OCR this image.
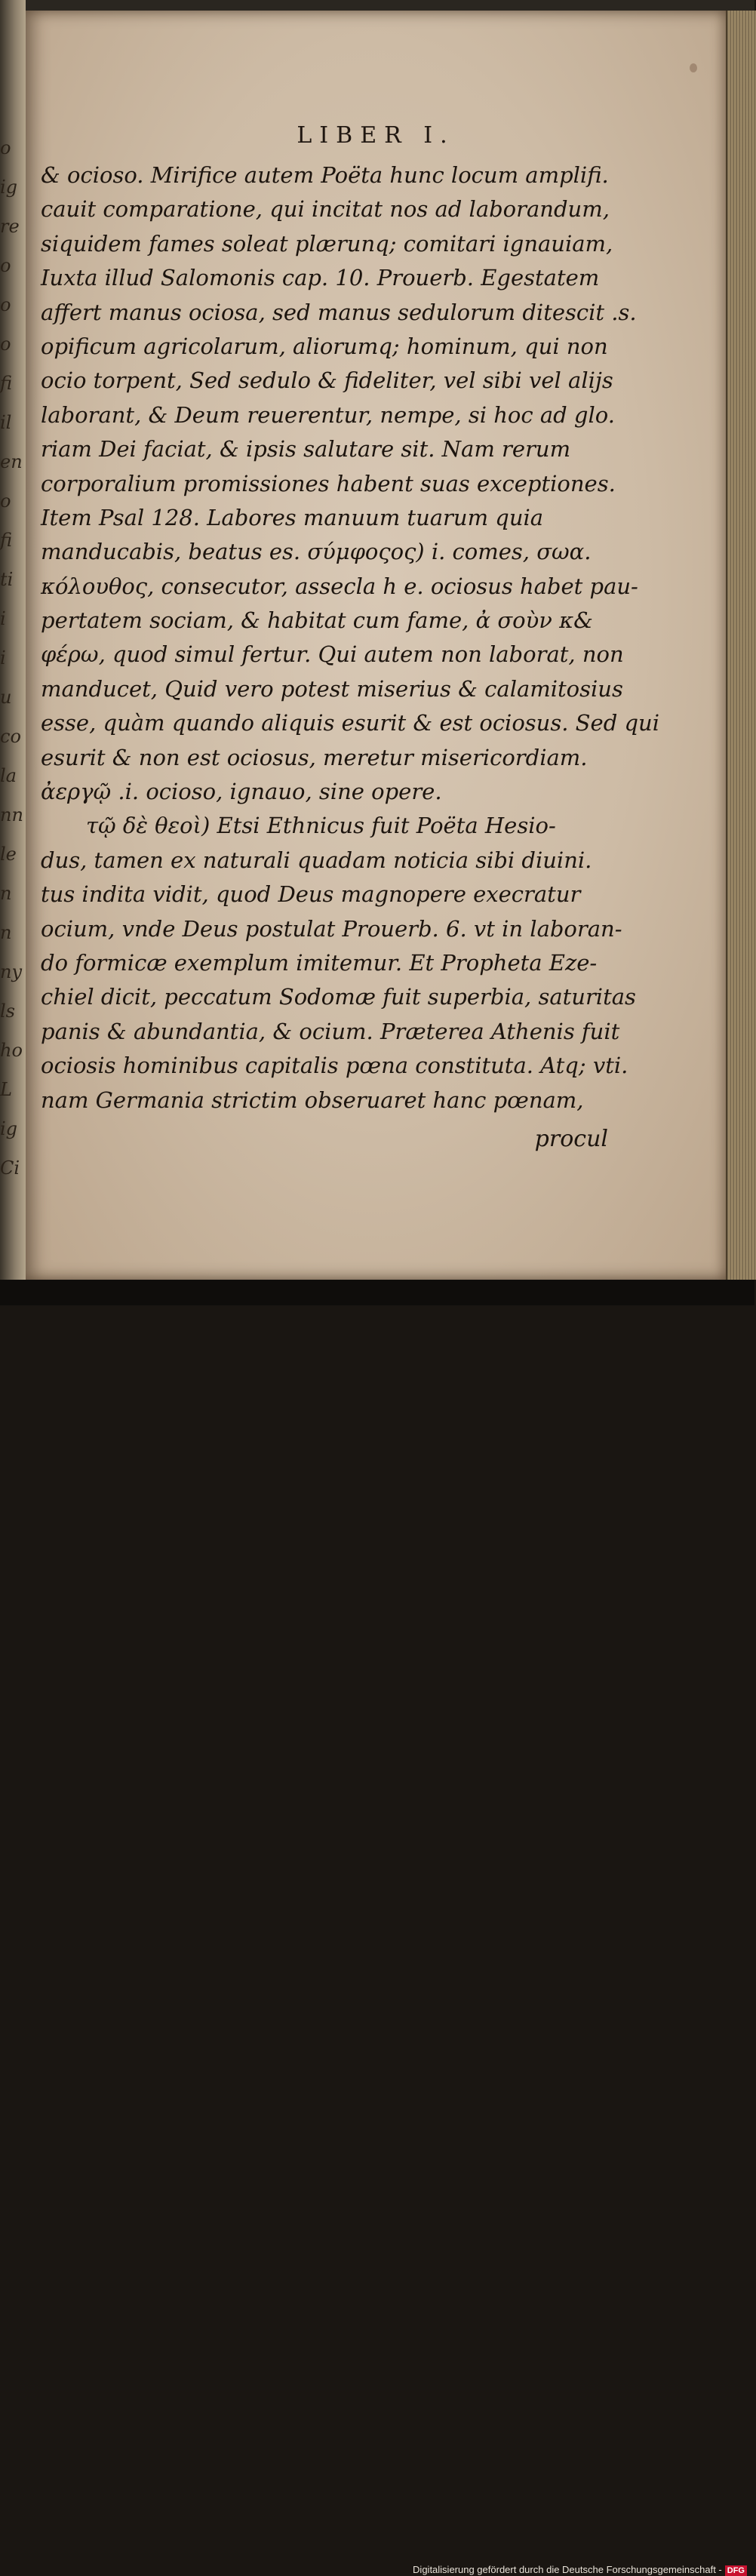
o
ig
re
o
o
o
fi
il
en
o
fi
ti
i
i
u
co
la
nn
le
n
n
ny
ls
ho
L
ig
Ci
LIBER I.
& ocioso. Mirifice autem Poëta hunc locum amplifi.
cauit comparatione, qui incitat nos ad laborandum,
siquidem fames soleat plærunq; comitari ignauiam,
Iuxta illud Salomonis cap. 10. Prouerb. Egestatem
affert manus ociosa, sed manus sedulorum ditescit .s.
opificum agricolarum, aliorumq; hominum, qui non
ocio torpent, Sed sedulo & fideliter, vel sibi vel alijs
laborant, & Deum reuerentur, nempe, si hoc ad glo.
riam Dei faciat, & ipsis salutare sit. Nam rerum
corporalium promissiones habent suas exceptiones.
Item Psal 128. Labores manuum tuarum quia
manducabis, beatus es. σύμφοςος) i. comes, σωα.
κόλουθος, consecutor, assecla h e. ociosus habet pau-
pertatem sociam, & habitat cum fame, ἀ σοὺν κ&
φέρω, quod simul fertur. Qui autem non laborat, non
manducet, Quid vero potest miserius & calamitosius
esse, quàm quando aliquis esurit & est ociosus. Sed qui
esurit & non est ociosus, meretur misericordiam.
ἀεργῷ .i. ocioso, ignauo, sine opere.
τῷ δὲ θεοὶ) Etsi Ethnicus fuit Poëta Hesio-
dus, tamen ex naturali quadam noticia sibi diuini.
tus indita vidit, quod Deus magnopere execratur
ocium, vnde Deus postulat Prouerb. 6. vt in laboran-
do formicæ exemplum imitemur. Et Propheta Eze-
chiel dicit, peccatum Sodomæ fuit superbia, saturitas
panis & abundantia, & ocium. Præterea Athenis fuit
ociosis hominibus capitalis pœna constituta. Atq; vti.
nam Germania strictim obseruaret hanc pœnam,
procul
Digitalisierung gefördert durch die Deutsche Forschungsgemeinschaft - DFG
